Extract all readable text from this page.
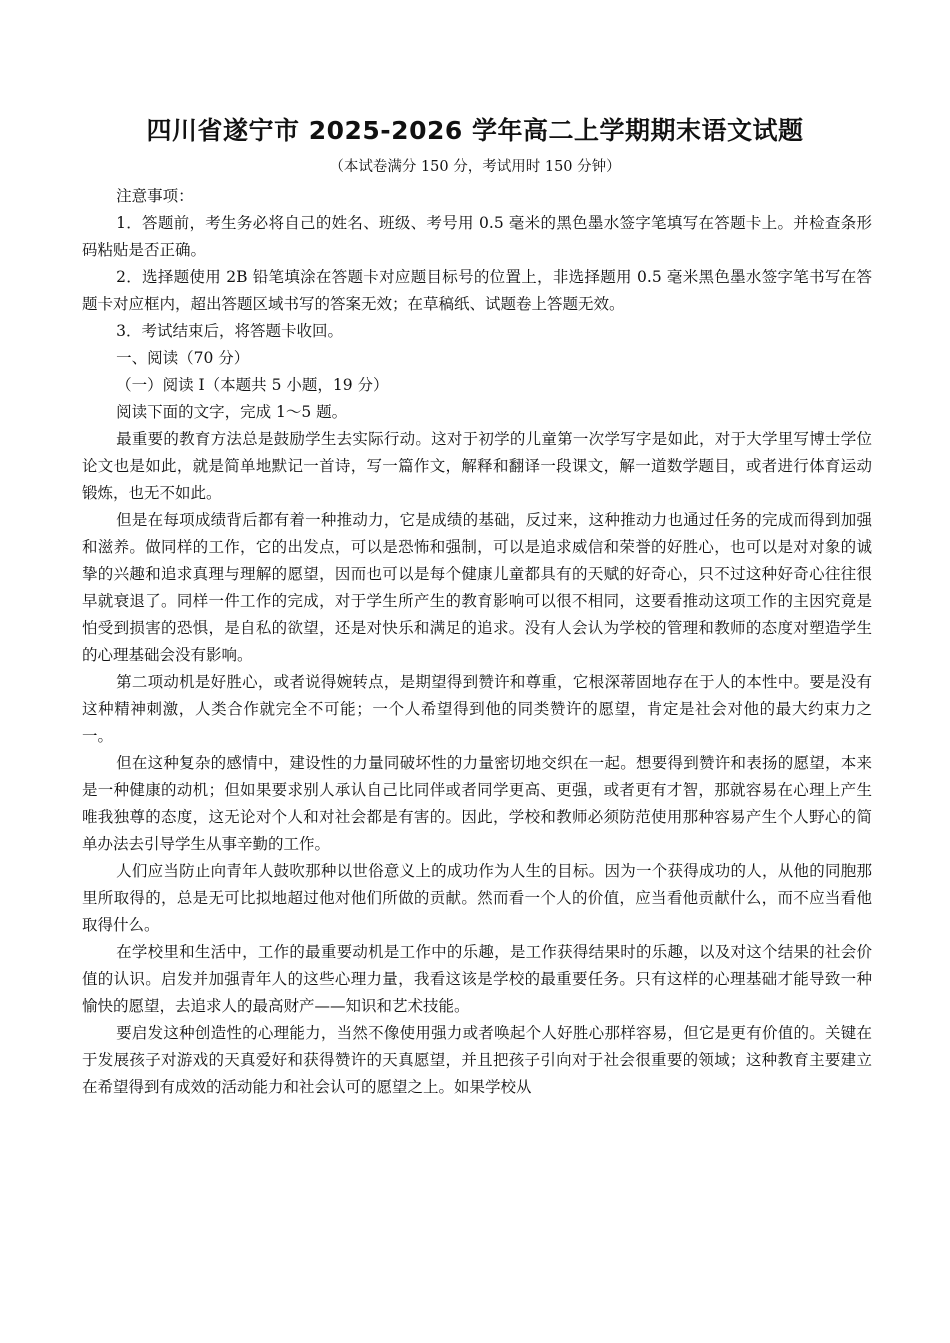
四川省遂宁市 2025-2026 学年高二上学期期末语文试题
（本试卷满分 150 分，考试用时 150 分钟）

注意事项：

1．答题前，考生务必将自己的姓名、班级、考号用 0.5 毫米的黑色墨水签字笔填写在答题卡上。并检查条形码粘贴是否正确。

2．选择题使用 2B 铅笔填涂在答题卡对应题目标号的位置上，非选择题用 0.5 毫米黑色墨水签字笔书写在答题卡对应框内，超出答题区域书写的答案无效；在草稿纸、试题卷上答题无效。

3．考试结束后，将答题卡收回。

一、阅读（70 分）

（一）阅读 I（本题共 5 小题，19 分）

阅读下面的文字，完成 1～5 题。

最重要的教育方法总是鼓励学生去实际行动。这对于初学的儿童第一次学写字是如此，对于大学里写博士学位论文也是如此，就是简单地默记一首诗，写一篇作文，解释和翻译一段课文，解一道数学题目，或者进行体育运动锻炼，也无不如此。

但是在每项成绩背后都有着一种推动力，它是成绩的基础，反过来，这种推动力也通过任务的完成而得到加强和滋养。做同样的工作，它的出发点，可以是恐怖和强制，可以是追求威信和荣誉的好胜心，也可以是对对象的诚挚的兴趣和追求真理与理解的愿望，因而也可以是每个健康儿童都具有的天赋的好奇心，只不过这种好奇心往往很早就衰退了。同样一件工作的完成，对于学生所产生的教育影响可以很不相同，这要看推动这项工作的主因究竟是怕受到损害的恐惧，是自私的欲望，还是对快乐和满足的追求。没有人会认为学校的管理和教师的态度对塑造学生的心理基础会没有影响。

第二项动机是好胜心，或者说得婉转点，是期望得到赞许和尊重，它根深蒂固地存在于人的本性中。要是没有这种精神刺激，人类合作就完全不可能；一个人希望得到他的同类赞许的愿望，肯定是社会对他的最大约束力之一。

但在这种复杂的感情中，建设性的力量同破坏性的力量密切地交织在一起。想要得到赞许和表扬的愿望，本来是一种健康的动机；但如果要求别人承认自己比同伴或者同学更高、更强，或者更有才智，那就容易在心理上产生唯我独尊的态度，这无论对个人和对社会都是有害的。因此，学校和教师必须防范使用那种容易产生个人野心的简单办法去引导学生从事辛勤的工作。

人们应当防止向青年人鼓吹那种以世俗意义上的成功作为人生的目标。因为一个获得成功的人，从他的同胞那里所取得的，总是无可比拟地超过他对他们所做的贡献。然而看一个人的价值，应当看他贡献什么，而不应当看他取得什么。

在学校里和生活中，工作的最重要动机是工作中的乐趣，是工作获得结果时的乐趣，以及对这个结果的社会价值的认识。启发并加强青年人的这些心理力量，我看这该是学校的最重要任务。只有这样的心理基础才能导致一种愉快的愿望，去追求人的最高财产——知识和艺术技能。

要启发这种创造性的心理能力，当然不像使用强力或者唤起个人好胜心那样容易，但它是更有价值的。关键在于发展孩子对游戏的天真爱好和获得赞许的天真愿望，并且把孩子引向对于社会很重要的领域；这种教育主要建立在希望得到有成效的活动能力和社会认可的愿望之上。如果学校从
